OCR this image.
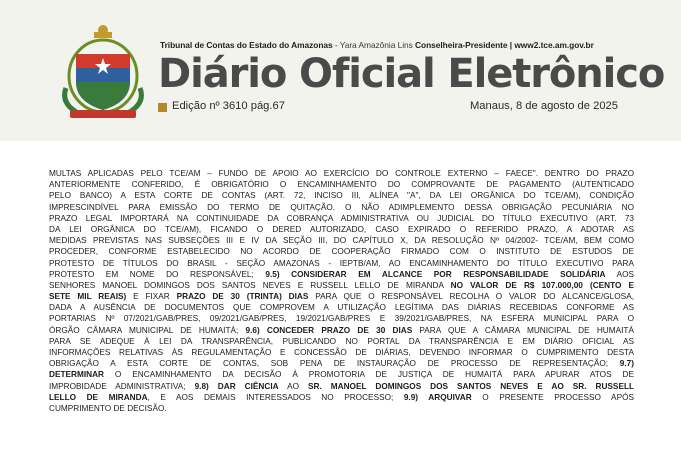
Tribunal de Contas do Estado do Amazonas - Yara Amazônia Lins Conselheira-Presidente | www2.tce.am.gov.br
Diário Oficial Eletrônico
Edição nº 3610 pág.67	Manaus, 8 de agosto de 2025
MULTAS APLICADAS PELO TCE/AM – FUNDO DE APOIO AO EXERCÍCIO DO CONTROLE EXTERNO – FAECE". DENTRO DO PRAZO
ANTERIORMENTE CONFERIDO, É OBRIGATÓRIO O ENCAMINHAMENTO DO COMPROVANTE DE PAGAMENTO (AUTENTICADO
PELO BANCO) A ESTA CORTE DE CONTAS (ART. 72, INCISO III, ALÍNEA "A", DA LEI ORGÂNICA DO TCE/AM), CONDIÇÃO
IMPRESCINDÍVEL PARA EMISSÃO DO TERMO DE QUITAÇÃO. O NÃO ADIMPLEMENTO DESSA OBRIGAÇÃO PECUNIÁRIA NO
PRAZO LEGAL IMPORTARÁ NA CONTINUIDADE DA COBRANÇA ADMINISTRATIVA OU JUDICIAL DO TÍTULO EXECUTIVO (ART. 73
DA LEI ORGÂNICA DO TCE/AM), FICANDO O DERED AUTORIZADO, CASO EXPIRADO O REFERIDO PRAZO, A ADOTAR AS
MEDIDAS PREVISTAS NAS SUBSEÇÕES III E IV DA SEÇÃO III, DO CAPÍTULO X, DA RESOLUÇÃO Nº 04/2002- TCE/AM, BEM COMO
PROCEDER, CONFORME ESTABELECIDO NO ACORDO DE COOPERAÇÃO FIRMADO COM O INSTITUTO DE ESTUDOS DE
PROTESTO DE TÍTULOS DO BRASIL - SEÇÃO AMAZONAS - IEPTB/AM, AO ENCAMINHAMENTO DO TÍTULO EXECUTIVO PARA
PROTESTO EM NOME DO RESPONSÁVEL; 9.5) CONSIDERAR EM ALCANCE POR RESPONSABILIDADE SOLIDÁRIA AOS
SENHORES MANOEL DOMINGOS DOS SANTOS NEVES E RUSSELL LELLO DE MIRANDA NO VALOR DE R$ 107.000,00 (CENTO E
SETE MIL REAIS) E FIXAR PRAZO DE 30 (TRINTA) DIAS PARA QUE O RESPONSÁVEL RECOLHA O VALOR DO ALCANCE/GLOSA,
DADA A AUSÊNCIA DE DOCUMENTOS QUE COMPROVEM A UTILIZAÇÃO LEGÍTIMA DAS DIÁRIAS RECEBIDAS CONFORME AS
PORTARIAS Nº 07/2021/GAB/PRES, 09/2021/GAB/PRES, 19/2021/GAB/PRES E 39/2021/GAB/PRES, NA ESFERA MUNICIPAL PARA O
ÓRGÃO CÂMARA MUNICIPAL DE HUMAITÁ; 9.6) CONCEDER PRAZO DE 30 DIAS PARA QUE A CÂMARA MUNICIPAL DE HUMAITÁ
PARA SE ADEQUE À LEI DA TRANSPARÊNCIA, PUBLICANDO NO PORTAL DA TRANSPARÊNCIA E EM DIÁRIO OFICIAL AS
INFORMAÇÕES RELATIVAS ÀS REGULAMENTAÇÃO E CONCESSÃO DE DIÁRIAS, DEVENDO INFORMAR O CUMPRIMENTO DESTA
OBRIGAÇÃO A ESTA CORTE DE CONTAS, SOB PENA DE INSTAURAÇÃO DE PROCESSO DE REPRESENTAÇÃO; 9.7)
DETERMINAR O ENCAMINHAMENTO DA DECISÃO À PROMOTORIA DE JUSTIÇA DE HUMAITÁ PARA APURAR ATOS DE
IMPROBIDADE ADMINISTRATIVA; 9.8) DAR CIÊNCIA AO SR. MANOEL DOMINGOS DOS SANTOS NEVES E AO SR. RUSSELL
LELLO DE MIRANDA, E AOS DEMAIS INTERESSADOS NO PROCESSO; 9.9) ARQUIVAR O PRESENTE PROCESSO APÓS
CUMPRIMENTO DE DECISÃO.
